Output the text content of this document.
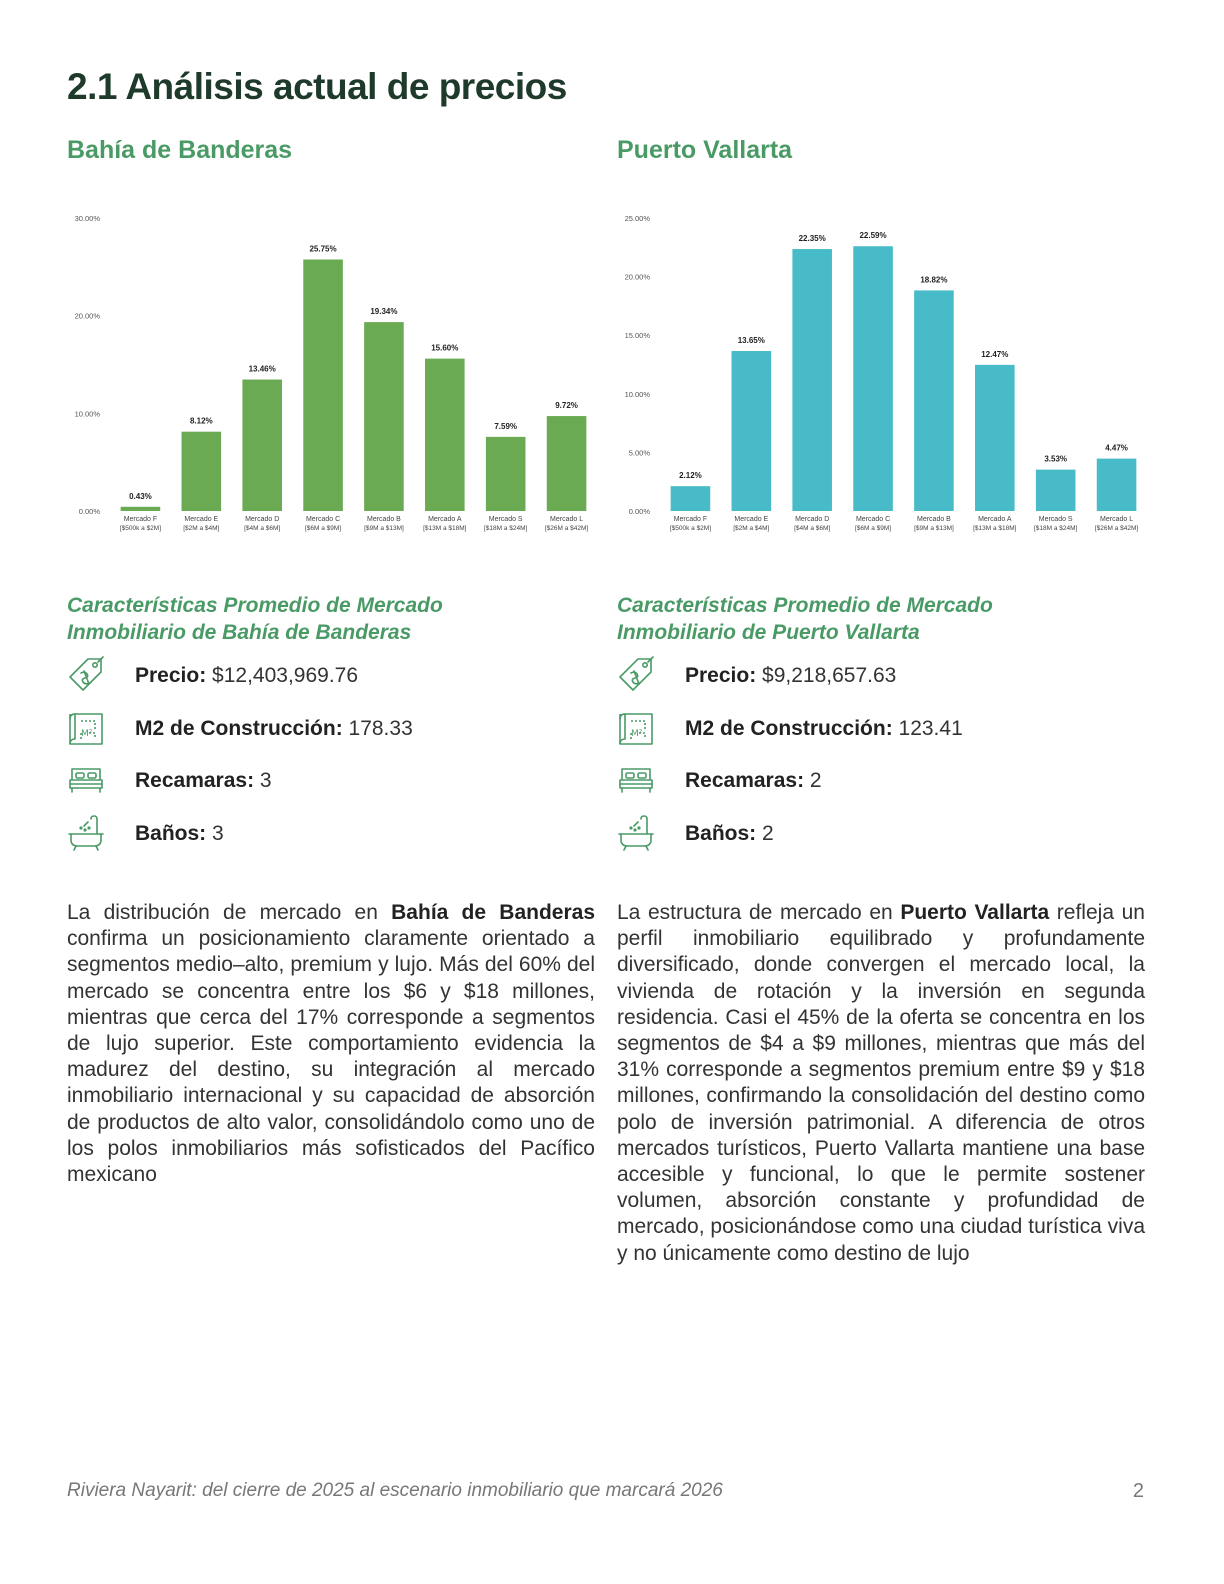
2.1 Análisis actual de precios
Bahía de Banderas
0.00%
10.00%
20.00%
30.00%
0.43%
Mercado F
[$500k a $2M]
8.12%
Mercado E
[$2M a $4M]
13.46%
Mercado D
[$4M a $6M]
25.75%
Mercado C
[$6M a $9M]
19.34%
Mercado B
[$9M a $13M]
15.60%
Mercado A
[$13M a $18M]
7.59%
Mercado S
[$18M a $24M]
9.72%
Mercado L
[$26M a $42M]
Características Promedio de Mercado
Inmobiliario de Bahía de Banderas
Precio: $12,403,969.76
M² M2 de Construcción: 178.33
Recamaras: 3
Baños: 3

La distribución de mercado en Bahía de Banderas confirma un posicionamiento claramente orientado a segmentos medio–alto, premium y lujo. Más del 60% del mercado se concentra entre los $6 y $18 millones, mientras que cerca del 17% corresponde a segmentos de lujo superior. Este comportamiento evidencia la madurez del destino, su integración al mercado inmobiliario internacional y su capacidad de absorción de productos de alto valor, consolidándolo como uno de los polos inmobiliarios más sofisticados del Pacífico mexicano

Puerto Vallarta
0.00%
5.00%
10.00%
15.00%
20.00%
25.00%
2.12%
Mercado F
[$500k a $2M]
13.65%
Mercado E
[$2M a $4M]
22.35%
Mercado D
[$4M a $6M]
22.59%
Mercado C
[$6M a $9M]
18.82%
Mercado B
[$9M a $13M]
12.47%
Mercado A
[$13M a $18M]
3.53%
Mercado S
[$18M a $24M]
4.47%
Mercado L
[$26M a $42M]
Características Promedio de Mercado
Inmobiliario de Puerto Vallarta
Precio: $9,218,657.63
M² M2 de Construcción: 123.41
Recamaras: 2
Baños: 2

La estructura de mercado en Puerto Vallarta refleja un perfil inmobiliario equilibrado y profundamente diversificado, donde convergen el mercado local, la vivienda de rotación y la inversión en segunda residencia. Casi el 45% de la oferta se concentra en los segmentos de $4 a $9 millones, mientras que más del 31% corresponde a segmentos premium entre $9 y $18 millones, confirmando la consolidación del destino como polo de inversión patrimonial. A diferencia de otros mercados turísticos, Puerto Vallarta mantiene una base accesible y funcional, lo que le permite sostener volumen, absorción constante y profundidad de mercado, posicionándose como una ciudad turística viva y no únicamente como destino de lujo

Riviera Nayarit: del cierre de 2025 al escenario inmobiliario que marcará 2026	2
